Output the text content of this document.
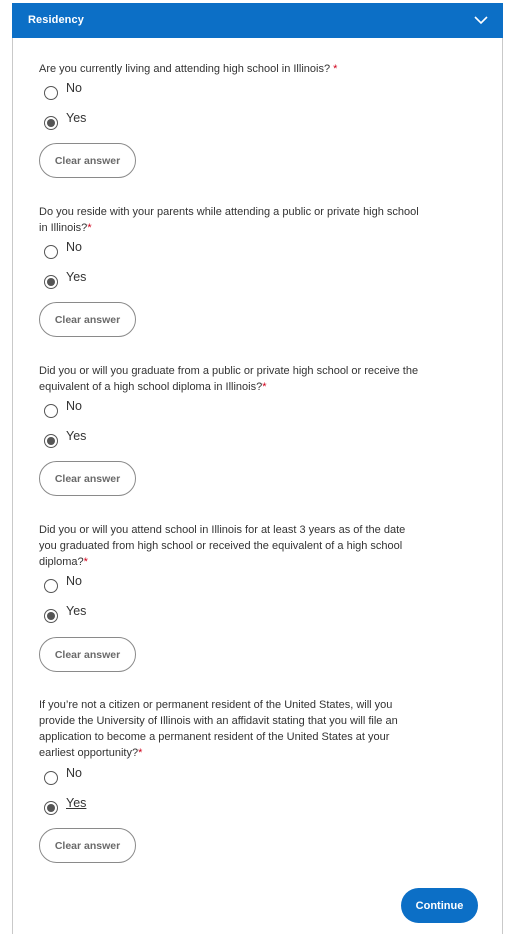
Residency
Are you currently living and attending high school in Illinois? *
No
Yes
Clear answer
Do you reside with your parents while attending a public or private high school in Illinois?*
No
Yes
Clear answer
Did you or will you graduate from a public or private high school or receive the equivalent of a high school diploma in Illinois?*
No
Yes
Clear answer
Did you or will you attend school in Illinois for at least 3 years as of the date you graduated from high school or received the equivalent of a high school diploma?*
No
Yes
Clear answer
If you’re not a citizen or permanent resident of the United States, will you provide the University of Illinois with an affidavit stating that you will file an application to become a permanent resident of the United States at your earliest opportunity?*
No
Yes
Clear answer
Continue
